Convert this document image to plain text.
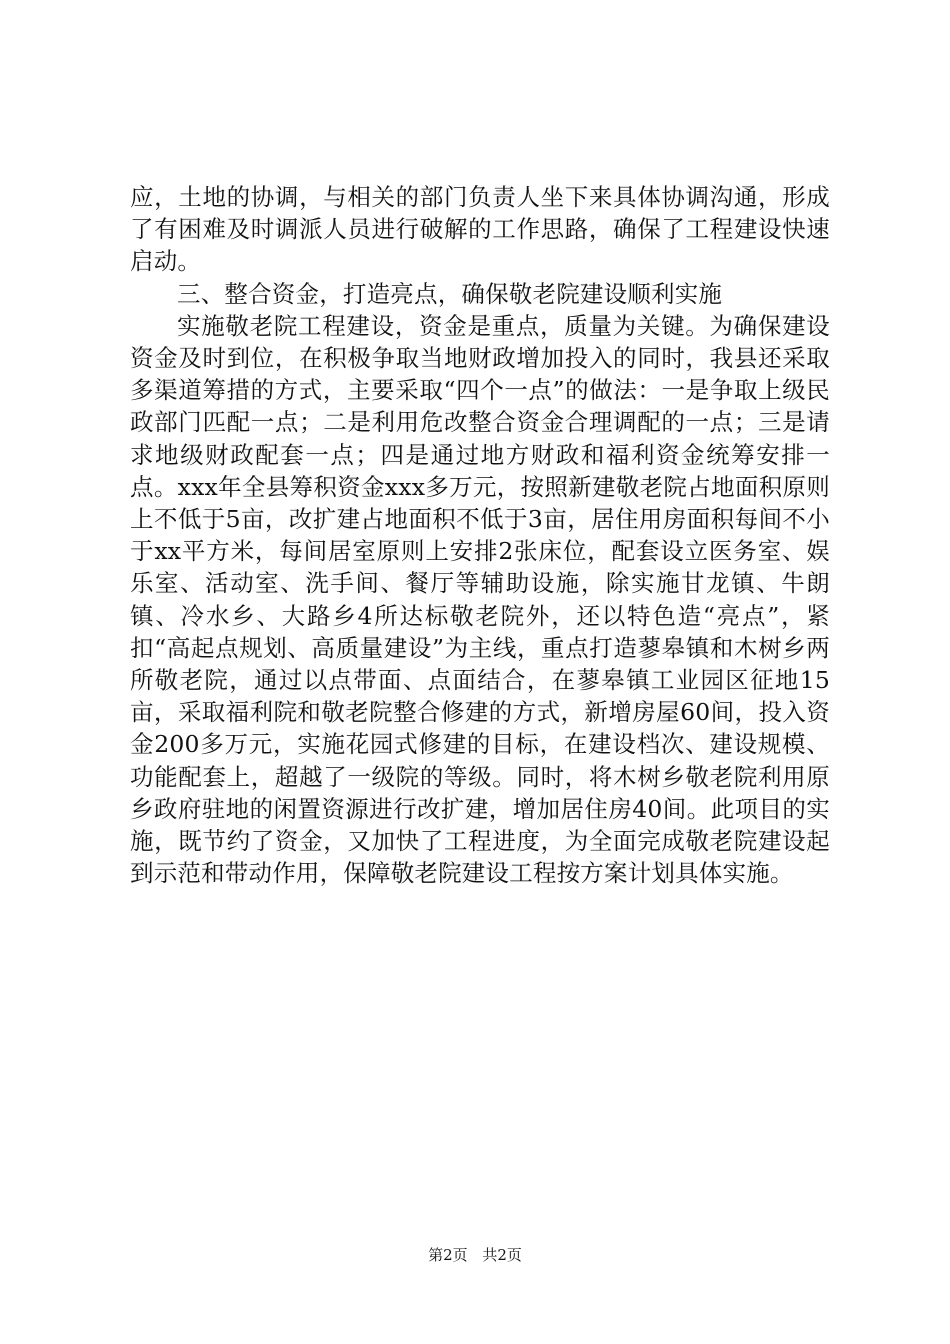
应，土地的协调，与相关的部门负责人坐下来具体协调沟通，形成了有困难及时调派人员进行破解的工作思路，确保了工程建设快速启动。

三、整合资金，打造亮点，确保敬老院建设顺利实施

实施敬老院工程建设，资金是重点，质量为关键。为确保建设资金及时到位，在积极争取当地财政增加投入的同时，我县还采取多渠道筹措的方式，主要采取“四个一点”的做法：一是争取上级民政部门匹配一点；二是利用危改整合资金合理调配的一点；三是请求地级财政配套一点；四是通过地方财政和福利资金统筹安排一点。xxx年全县筹积资金xxx多万元，按照新建敬老院占地面积原则上不低于5亩，改扩建占地面积不低于3亩，居住用房面积每间不小于xx平方米，每间居室原则上安排2张床位，配套设立医务室、娱乐室、活动室、洗手间、餐厅等辅助设施，除实施甘龙镇、牛朗镇、冷水乡、大路乡4所达标敬老院外，还以特色造“亮点”，紧扣“高起点规划、高质量建设”为主线，重点打造蓼皋镇和木树乡两所敬老院，通过以点带面、点面结合，在蓼皋镇工业园区征地15亩，采取福利院和敬老院整合修建的方式，新增房屋60间，投入资金200多万元，实施花园式修建的目标，在建设档次、建设规模、功能配套上，超越了一级院的等级。同时，将木树乡敬老院利用原乡政府驻地的闲置资源进行改扩建，增加居住房40间。此项目的实施，既节约了资金，又加快了工程进度，为全面完成敬老院建设起到示范和带动作用，保障敬老院建设工程按方案计划具体实施。

第2页 共2页
